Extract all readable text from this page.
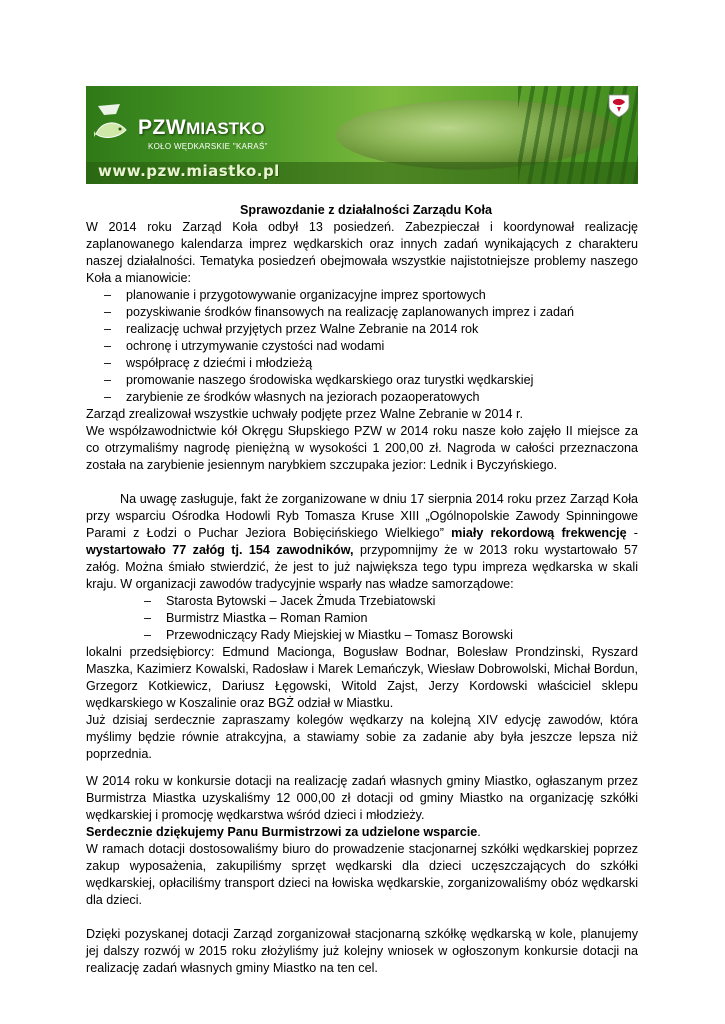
PZWMIASTKO
KOŁO WĘDKARSKIE "KARAŚ"
www.pzw.miastko.pl
Sprawozdanie z działalności Zarządu Koła

W 2014 roku Zarząd Koła odbył 13 posiedzeń. Zabezpieczał i koordynował realizację zaplanowanego kalendarza imprez wędkarskich oraz innych zadań wynikających z charakteru naszej działalności. Tematyka posiedzeń obejmowała wszystkie najistotniejsze problemy naszego Koła a mianowicie:

– planowanie i przygotowywanie organizacyjne imprez sportowych
– pozyskiwanie środków finansowych na realizację zaplanowanych imprez i zadań
– realizację uchwał przyjętych przez Walne Zebranie na 2014 rok
– ochronę i utrzymywanie czystości nad wodami
– współpracę z dziećmi i młodzieżą
– promowanie naszego środowiska wędkarskiego oraz turystki wędkarskiej
– zarybienie ze środków własnych na jeziorach pozaoperatowych

Zarząd zrealizował wszystkie uchwały podjęte przez Walne Zebranie w 2014 r.

We współzawodnictwie kół Okręgu Słupskiego PZW w 2014 roku nasze koło zajęło II miejsce za co otrzymaliśmy nagrodę pieniężną w wysokości 1 200,00 zł. Nagroda w całości przeznaczona została na zarybienie jesiennym narybkiem szczupaka jezior: Lednik i Byczyńskiego.

Na uwagę zasługuje, fakt że zorganizowane w dniu 17 sierpnia 2014 roku przez Zarząd Koła przy wsparciu Ośrodka Hodowli Ryb Tomasza Kruse XIII „Ogólnopolskie Zawody Spinningowe Parami z Łodzi o Puchar Jeziora Bobięcińskiego Wielkiego” miały rekordową frekwencję - wystartowało 77 załóg tj. 154 zawodników, przypomnijmy że w 2013 roku wystartowało 57 załóg. Można śmiało stwierdzić, że jest to już największa tego typu impreza wędkarska w skali kraju. W organizacji zawodów tradycyjnie wsparły nas władze samorządowe:

– Starosta Bytowski – Jacek Żmuda Trzebiatowski
– Burmistrz Miastka – Roman Ramion
– Przewodniczący Rady Miejskiej w Miastku – Tomasz Borowski

lokalni przedsiębiorcy: Edmund Macionga, Bogusław Bodnar, Bolesław Prondzinski, Ryszard Maszka, Kazimierz Kowalski, Radosław i Marek Lemańczyk, Wiesław Dobrowolski, Michał Bordun, Grzegorz Kotkiewicz, Dariusz Łęgowski, Witold Zajst, Jerzy Kordowski właściciel sklepu wędkarskiego w Koszalinie oraz BGŻ odział w Miastku.

Już dzisiaj serdecznie zapraszamy kolegów wędkarzy na kolejną XIV edycję zawodów, która myślimy będzie równie atrakcyjna, a stawiamy sobie za zadanie aby była jeszcze lepsza niż poprzednia.

W 2014 roku w konkursie dotacji na realizację zadań własnych gminy Miastko, ogłaszanym przez Burmistrza Miastka uzyskaliśmy 12 000,00 zł dotacji od gminy Miastko na organizację szkółki wędkarskiej i promocję wędkarstwa wśród dzieci i młodzieży.

Serdecznie dziękujemy Panu Burmistrzowi za udzielone wsparcie.

W ramach dotacji dostosowaliśmy biuro do prowadzenie stacjonarnej szkółki wędkarskiej poprzez zakup wyposażenia, zakupiliśmy sprzęt wędkarski dla dzieci uczęszczających do szkółki wędkarskiej, opłaciliśmy transport dzieci na łowiska wędkarskie, zorganizowaliśmy obóz wędkarski dla dzieci.

Dzięki pozyskanej dotacji Zarząd zorganizował stacjonarną szkółkę wędkarską w kole, planujemy jej dalszy rozwój w 2015 roku złożyliśmy już kolejny wniosek w ogłoszonym konkursie dotacji na realizację zadań własnych gminy Miastko na ten cel.
